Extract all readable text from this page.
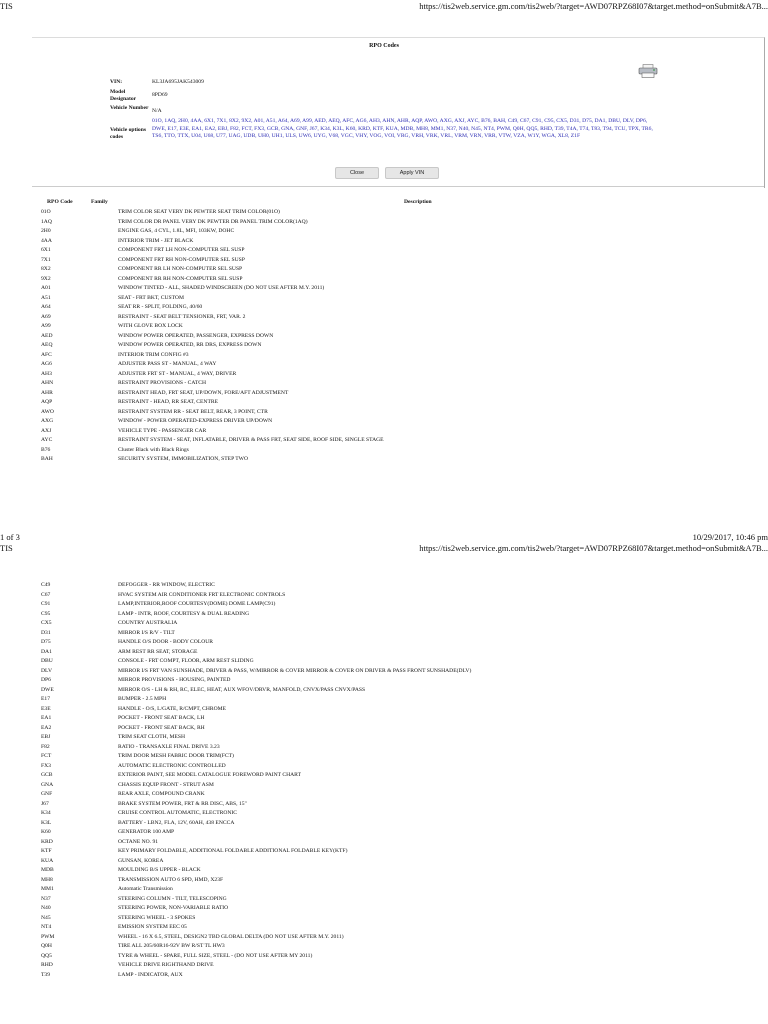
TIS	https://tis2web.service.gm.com/tis2web/?target=AWD07RPZ68I07&target.method=onSubmit&A7B...
RPO Codes
VIN:	KL3JA695JAK543009
Model Designator	8PD69
Vehicle Number	N/A
Vehicle options codes	01O, 1AQ, 2H0, 4AA, 6X1, 7X1, 8X2, 9X2, A01, A51, A64, A69, A99, AED, AEQ, AFC, AG6, AH3, AHN, AHR, AQP, AWO, AXG, AXJ, AYC, B76, BAH, C49, C67, C91, C95, CX5, D31, D75, DA1, DBU, DLV, DP6, DWE, E17, E3E, EA1, EA2, EBJ, F82, FCT, FX3, GCB, GNA, GNF, J67, K34, K3L, K60, KRD, KTF, KUA, MDB, MH8, MM1, N37, N40, N45, NT4, PWM, Q0H, QQ5, RHD, T39, T4A, T74, T83, T94, TCU, TPX, TR6, TS6, TTO, TTX, U04, U68, U77, UAG, UDB, UH0, UH1, ULS, UW6, UYG, V68, VGC, VHY, VOG, VOI, VRG, VRH, VRK, VRL, VRM, VRN, VRR, VTW, VZA, W1Y, WGA, XL8, Z1F
Close	Apply VIN
RPO Code	Family	Description
01O	TRIM COLOR SEAT VERY DK PEWTER SEAT TRIM COLOR(01O)
1AQ	TRIM COLOR DR PANEL VERY DK PEWTER DR PANEL TRIM COLOR(1AQ)
2H0	ENGINE GAS, 4 CYL, 1.8L, MFI, 103KW, DOHC
4AA	INTERIOR TRIM - JET BLACK
6X1	COMPONENT FRT LH NON-COMPUTER SEL SUSP
7X1	COMPONENT FRT RH NON-COMPUTER SEL SUSP
8X2	COMPONENT RR LH NON-COMPUTER SEL SUSP
9X2	COMPONENT RR RH NON-COMPUTER SEL SUSP
A01	WINDOW TINTED - ALL, SHADED WINDSCREEN (DO NOT USE AFTER M.Y. 2011)
A51	SEAT - FRT BKT, CUSTOM
A64	SEAT RR - SPLIT, FOLDING, 40/60
A69	RESTRAINT - SEAT BELT TENSIONER, FRT, VAR. 2
A99	WITH GLOVE BOX LOCK
AED	WINDOW POWER OPERATED, PASSENGER, EXPRESS DOWN
AEQ	WINDOW POWER OPERATED, RR DRS, EXPRESS DOWN
AFC	INTERIOR TRIM CONFIG #3
AG6	ADJUSTER PASS ST - MANUAL, 4 WAY
AH3	ADJUSTER FRT ST - MANUAL, 4 WAY, DRIVER
AHN	RESTRAINT PROVISIONS - CATCH
AHR	RESTRAINT HEAD, FRT SEAT, UP/DOWN, FORE/AFT ADJUSTMENT
AQP	RESTRAINT - HEAD, RR SEAT, CENTRE
AWO	RESTRAINT SYSTEM RR - SEAT BELT, REAR, 3 POINT, CTR
AXG	WINDOW - POWER OPERATED-EXPRESS DRIVER UP/DOWN
AXJ	VEHICLE TYPE - PASSENGER CAR
AYC	RESTRAINT SYSTEM - SEAT, INFLATABLE, DRIVER & PASS FRT, SEAT SIDE, ROOF SIDE, SINGLE STAGE
B76	Cluster Black with Black Rings
BAH	SECURITY SYSTEM, IMMOBILIZATION, STEP TWO
1 of 3	10/29/2017, 10:46 pm
TIS	https://tis2web.service.gm.com/tis2web/?target=AWD07RPZ68I07&target.method=onSubmit&A7B...
C49	DEFOGGER - RR WINDOW, ELECTRIC
C67	HVAC SYSTEM AIR CONDITIONER FRT ELECTRONIC CONTROLS
C91	LAMP,INTERIOR,ROOF COURTESY(DOME) DOME LAMP(C91)
C95	LAMP - INTR, ROOF, COURTESY & DUAL READING
CX5	COUNTRY AUSTRALIA
D31	MIRROR I/S R/V - TILT
D75	HANDLE O/S DOOR - BODY COLOUR
DA1	ARM REST RR SEAT, STORAGE
DBU	CONSOLE - FRT COMPT, FLOOR, ARM REST SLIDING
DLV	MIRROR I/S FRT VAN SUNSHADE, DRIVER & PASS, W/MIRROR & COVER MIRROR & COVER ON DRIVER & PASS FRONT SUNSHADE(DLV)
DP6	MIRROR PROVISIONS - HOUSING, PAINTED
DWE	MIRROR O/S - LH & RH, RC, ELEC, HEAT, AUX WFOV/DRVR, MANFOLD, CNVX/PASS CNVX/PASS
E17	BUMPER - 2.5 MPH
E3E	HANDLE - O/S, L/GATE, R/CMPT, CHROME
EA1	POCKET - FRONT SEAT BACK, LH
EA2	POCKET - FRONT SEAT BACK, RH
EBJ	TRIM SEAT CLOTH, MESH
F82	RATIO - TRANSAXLE FINAL DRIVE 3.23
FCT	TRIM DOOR MESH FABRIC DOOR TRIM(FCT)
FX3	AUTOMATIC ELECTRONIC CONTROLLED
GCB	EXTERIOR PAINT, SEE MODEL CATALOGUE FOREWORD PAINT CHART
GNA	CHASSIS EQUIP FRONT - STRUT ASM
GNF	REAR AXLE, COMPOUND CRANK
J67	BRAKE SYSTEM POWER, FRT & RR DISC, ABS, 15"
K34	CRUISE CONTROL AUTOMATIC, ELECTRONIC
K3L	BATTERY - LBN2, FLA, 12V, 60AH, 438 ENCCA
K60	GENERATOR 100 AMP
KRD	OCTANE NO. 91
KTF	KEY PRIMARY FOLDABLE, ADDITIONAL FOLDABLE ADDITIONAL FOLDABLE KEY(KTF)
KUA	GUNSAN, KOREA
MDB	MOULDING B/S UPPER - BLACK
MH8	TRANSMISSION AUTO 6 SPD, HMD, X23F
MM1	Automatic Transmission
N37	STEERING COLUMN - TILT, TELESCOPING
N40	STEERING POWER, NON-VARIABLE RATIO
N45	STEERING WHEEL - 3 SPOKES
NT4	EMISSION SYSTEM EEC 05
PWM	WHEEL - 16 X 6.5, STEEL, DESIGN2 TBD GLOBAL DELTA (DO NOT USE AFTER M.Y. 2011)
Q0H	TIRE ALL 205/60R16-92V BW R/ST TL HW3
QQ5	TYRE & WHEEL - SPARE, FULL SIZE, STEEL - (DO NOT USE AFTER MY 2011)
RHD	VEHICLE DRIVE RIGHTHAND DRIVE
T39	LAMP - INDICATOR, AUX
